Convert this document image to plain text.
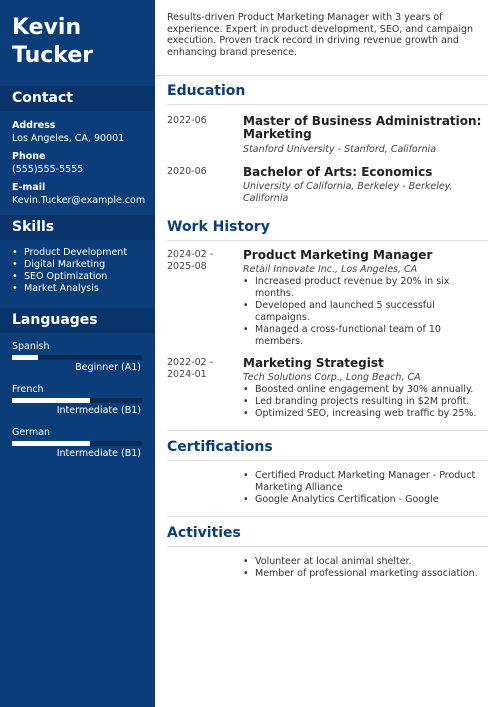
Kevin
Tucker
Contact
Address
Los Angeles, CA, 90001
Phone
(555)555-5555
E-mail
Kevin.Tucker@example.com
Skills
• Product Development
• Digital Marketing
• SEO Optimization
• Market Analysis
Languages
Spanish
Beginner (A1)
French
Intermediate (B1)
German
Intermediate (B1)
Results-driven Product Marketing Manager with 3 years of experience. Expert in product development, SEO, and campaign execution. Proven track record in driving revenue growth and enhancing brand presence.
Education
2022-06	Master of Business Administration: Marketing
Stanford University - Stanford, California
2020-06	Bachelor of Arts: Economics
University of California, Berkeley - Berkeley, California
Work History
2024-02 -
2025-08
Product Marketing Manager
Retail Innovate Inc., Los Angeles, CA
• Increased product revenue by 20% in six months.
• Developed and launched 5 successful campaigns.
• Managed a cross-functional team of 10 members.
2022-02 -
2024-01
Marketing Strategist
Tech Solutions Corp., Long Beach, CA
• Boosted online engagement by 30% annually.
• Led branding projects resulting in $2M profit.
• Optimized SEO, increasing web traffic by 25%.
Certifications
• Certified Product Marketing Manager - Product Marketing Alliance
• Google Analytics Certification - Google
Activities
• Volunteer at local animal shelter.
• Member of professional marketing association.
